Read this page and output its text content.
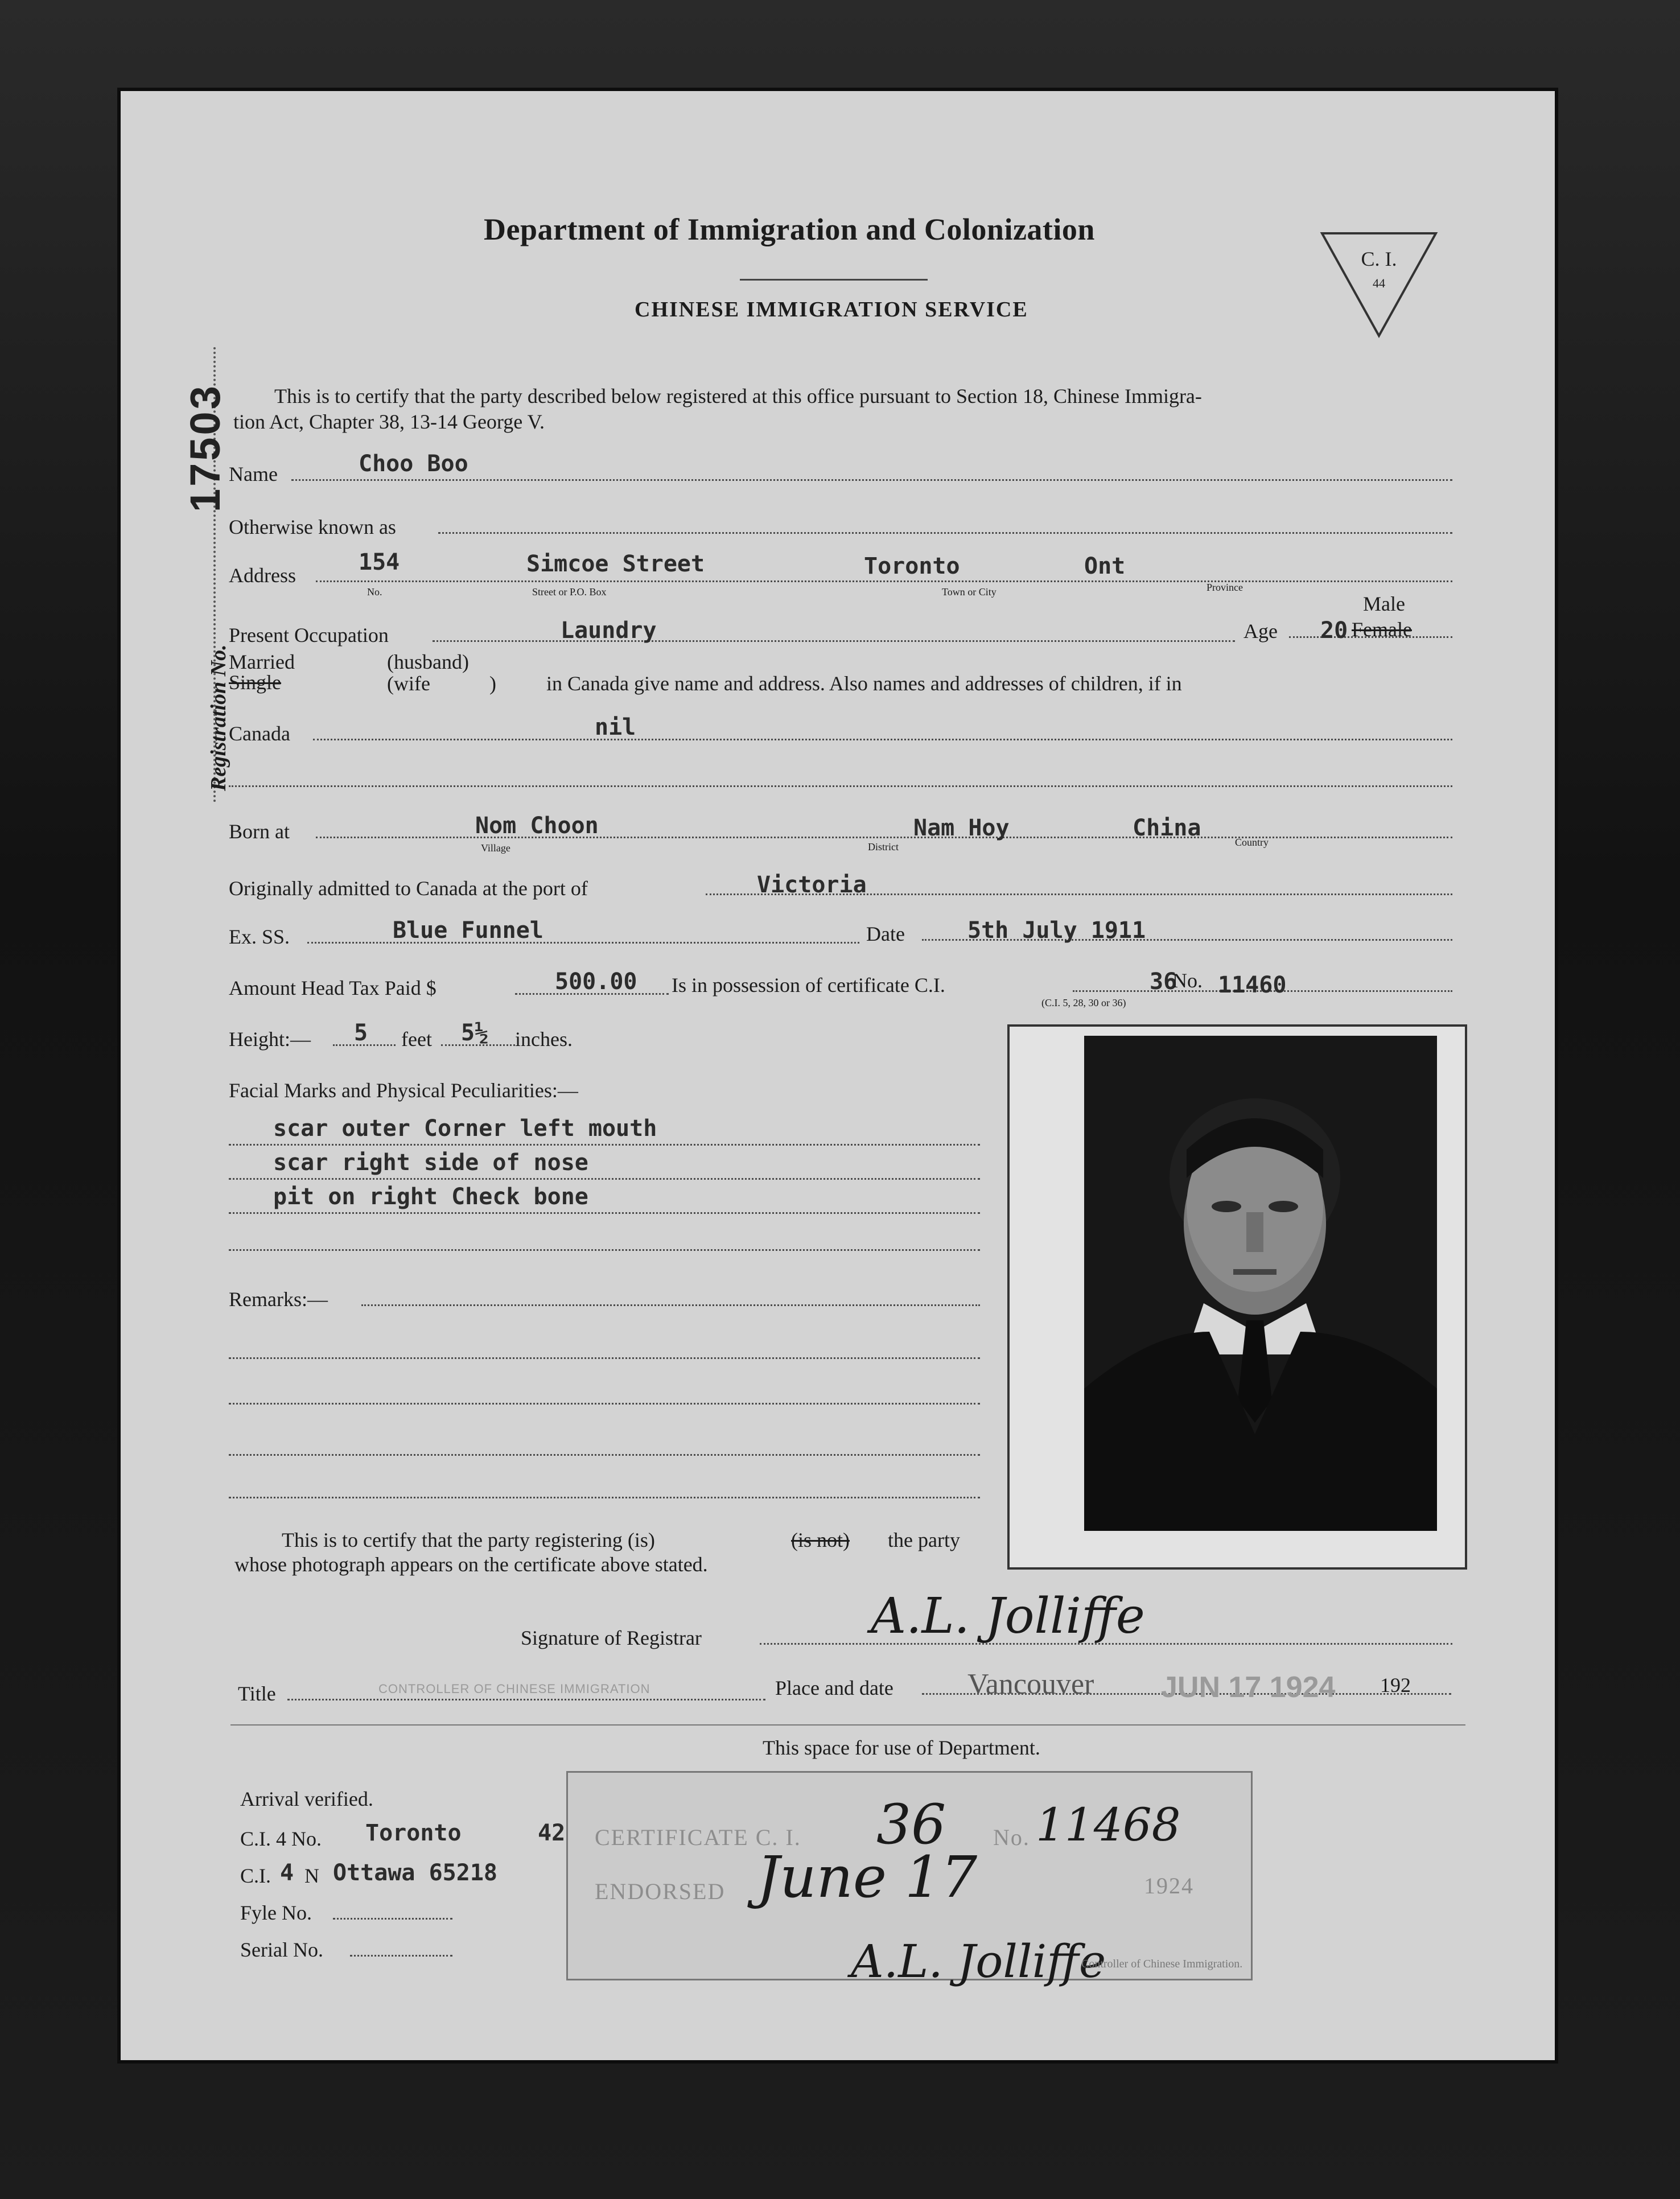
Department of Immigration and Colonization
CHINESE IMMIGRATION SERVICE
C. I.
44
17503
Registration No.
This is to certify that the party described below registered at this office pursuant to Section 18, Chinese Immigra-
tion Act, Chapter 38, 13-14 George V.
Name	Choo Boo
Otherwise known as
Address	154	Simcoe Street	Toronto	Ont
No.	Street or P.O. Box	Town or City	Province
Present Occupation	Laundry	Age 20
Male
Female
Married
Single
(husband)
(wife	) in Canada give name and address. Also names and addresses of children, if in
Canada	nil
Born at	Nom Choon	Nam Hoy	China
Village	District	Country
Originally admitted to Canada at the port of	Victoria
Ex. SS.	Blue Funnel	Date	5th July 1911
Amount Head Tax Paid $	500.00 Is in possession of certificate C.I.	36
No. 11460
(C.I. 5, 28, 30 or 36)
Height:— 5 feet 5½ inches.
Facial Marks and Physical Peculiarities:—
scar outer Corner left mouth
scar right side of nose
pit on right Check bone
Remarks:—
This is to certify that the party registering (is)	(is not) the party
whose photograph appears on the certificate above stated.
Signature of Registrar	A.L. Jolliffe
Title	CONTROLLER OF CHINESE IMMIGRATION	Place and date	Vancouver JUN 17 1924 192
This space for use of Department.
Arrival verified.
C.I. 4 No. Toronto	42
C.I. 4 N Ottawa 65218
Fyle No.
Serial No.
CERTIFICATE C. I. 36 No. 11468
ENDORSED June 17	1924
A.L. Jolliffe
Controller of Chinese Immigration.
